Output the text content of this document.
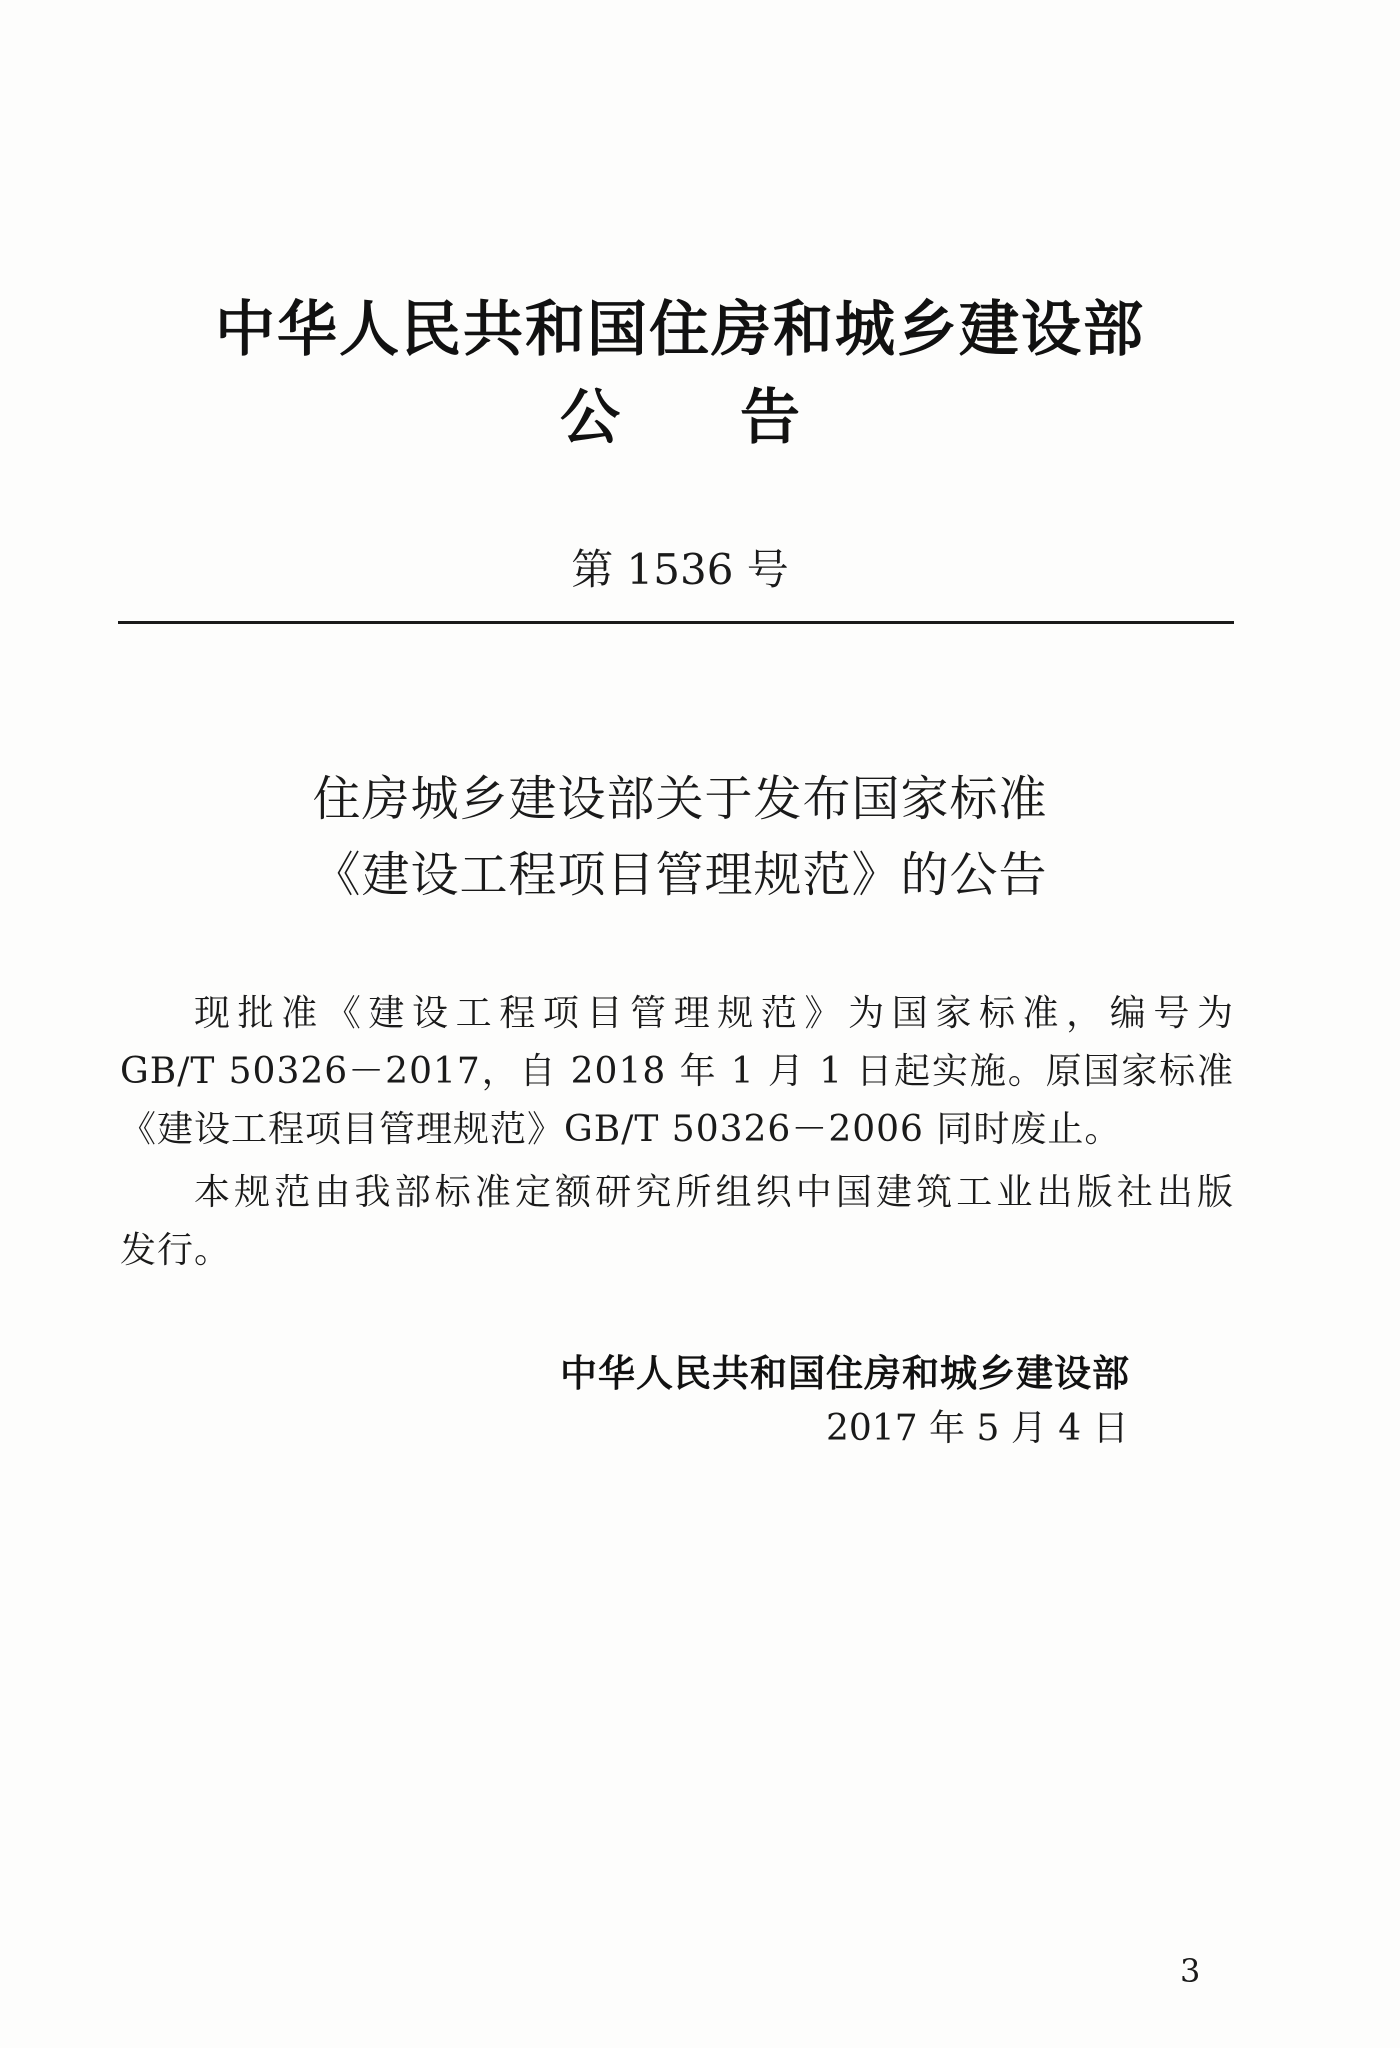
中华人民共和国住房和城乡建设部
公告
第 1536 号
住房城乡建设部关于发布国家标准
《建设工程项目管理规范》的公告
现批准《建设工程项目管理规范》为国家标准，编号为
GB/T 50326－2017，自 2018 年 1 月 1 日起实施。原国家标准
《建设工程项目管理规范》GB/T 50326－2006 同时废止。
本规范由我部标准定额研究所组织中国建筑工业出版社出版
发行。
中华人民共和国住房和城乡建设部
2017 年 5 月 4 日
3
